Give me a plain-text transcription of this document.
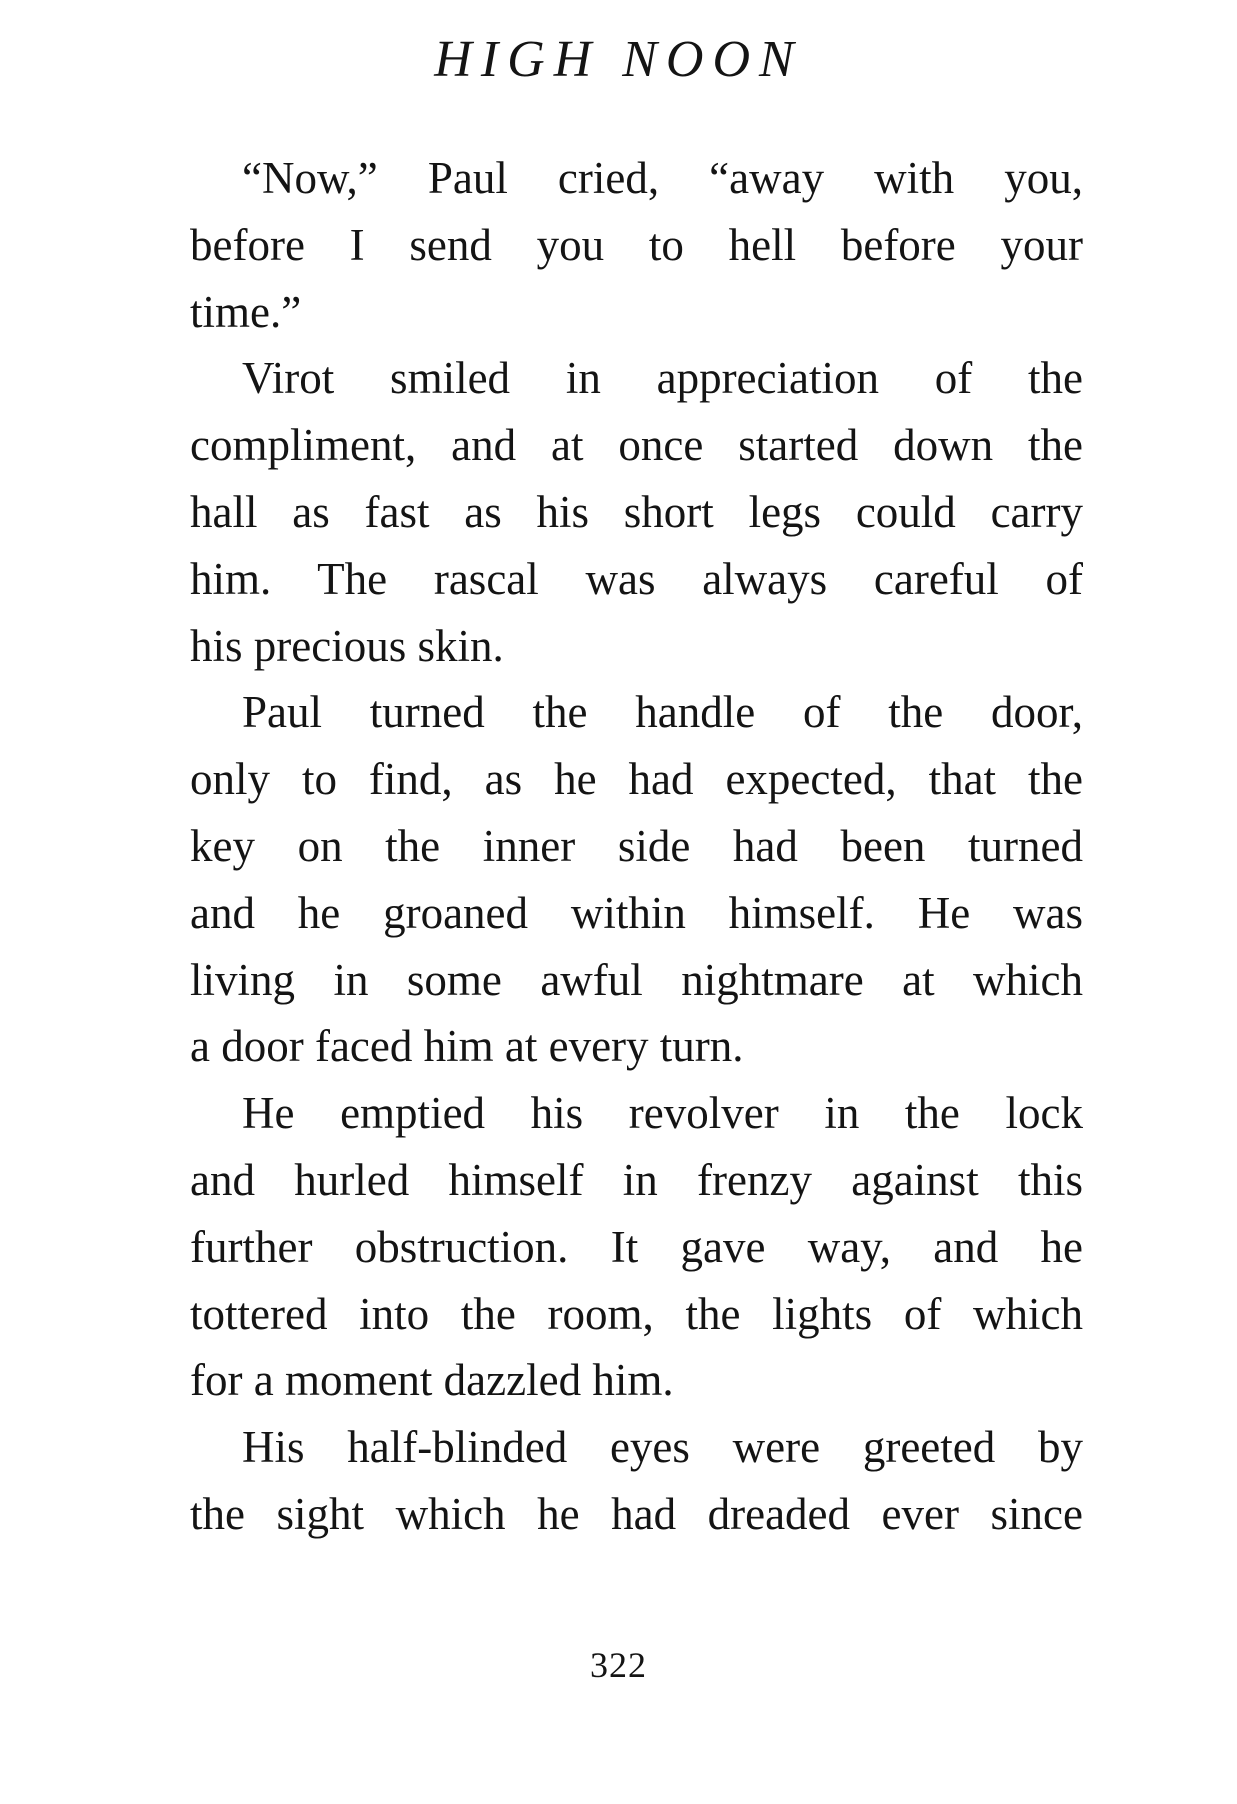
HIGH NOON
“Now,” Paul cried, “away with you,
before I send you to hell before your
time.”
Virot smiled in appreciation of the
compliment, and at once started down the
hall as fast as his short legs could carry
him. The rascal was always careful of
his precious skin.
Paul turned the handle of the door,
only to find, as he had expected, that the
key on the inner side had been turned
and he groaned within himself. He was
living in some awful nightmare at which
a door faced him at every turn.
He emptied his revolver in the lock
and hurled himself in frenzy against this
further obstruction. It gave way, and he
tottered into the room, the lights of which
for a moment dazzled him.
His half-blinded eyes were greeted by
the sight which he had dreaded ever since
322
